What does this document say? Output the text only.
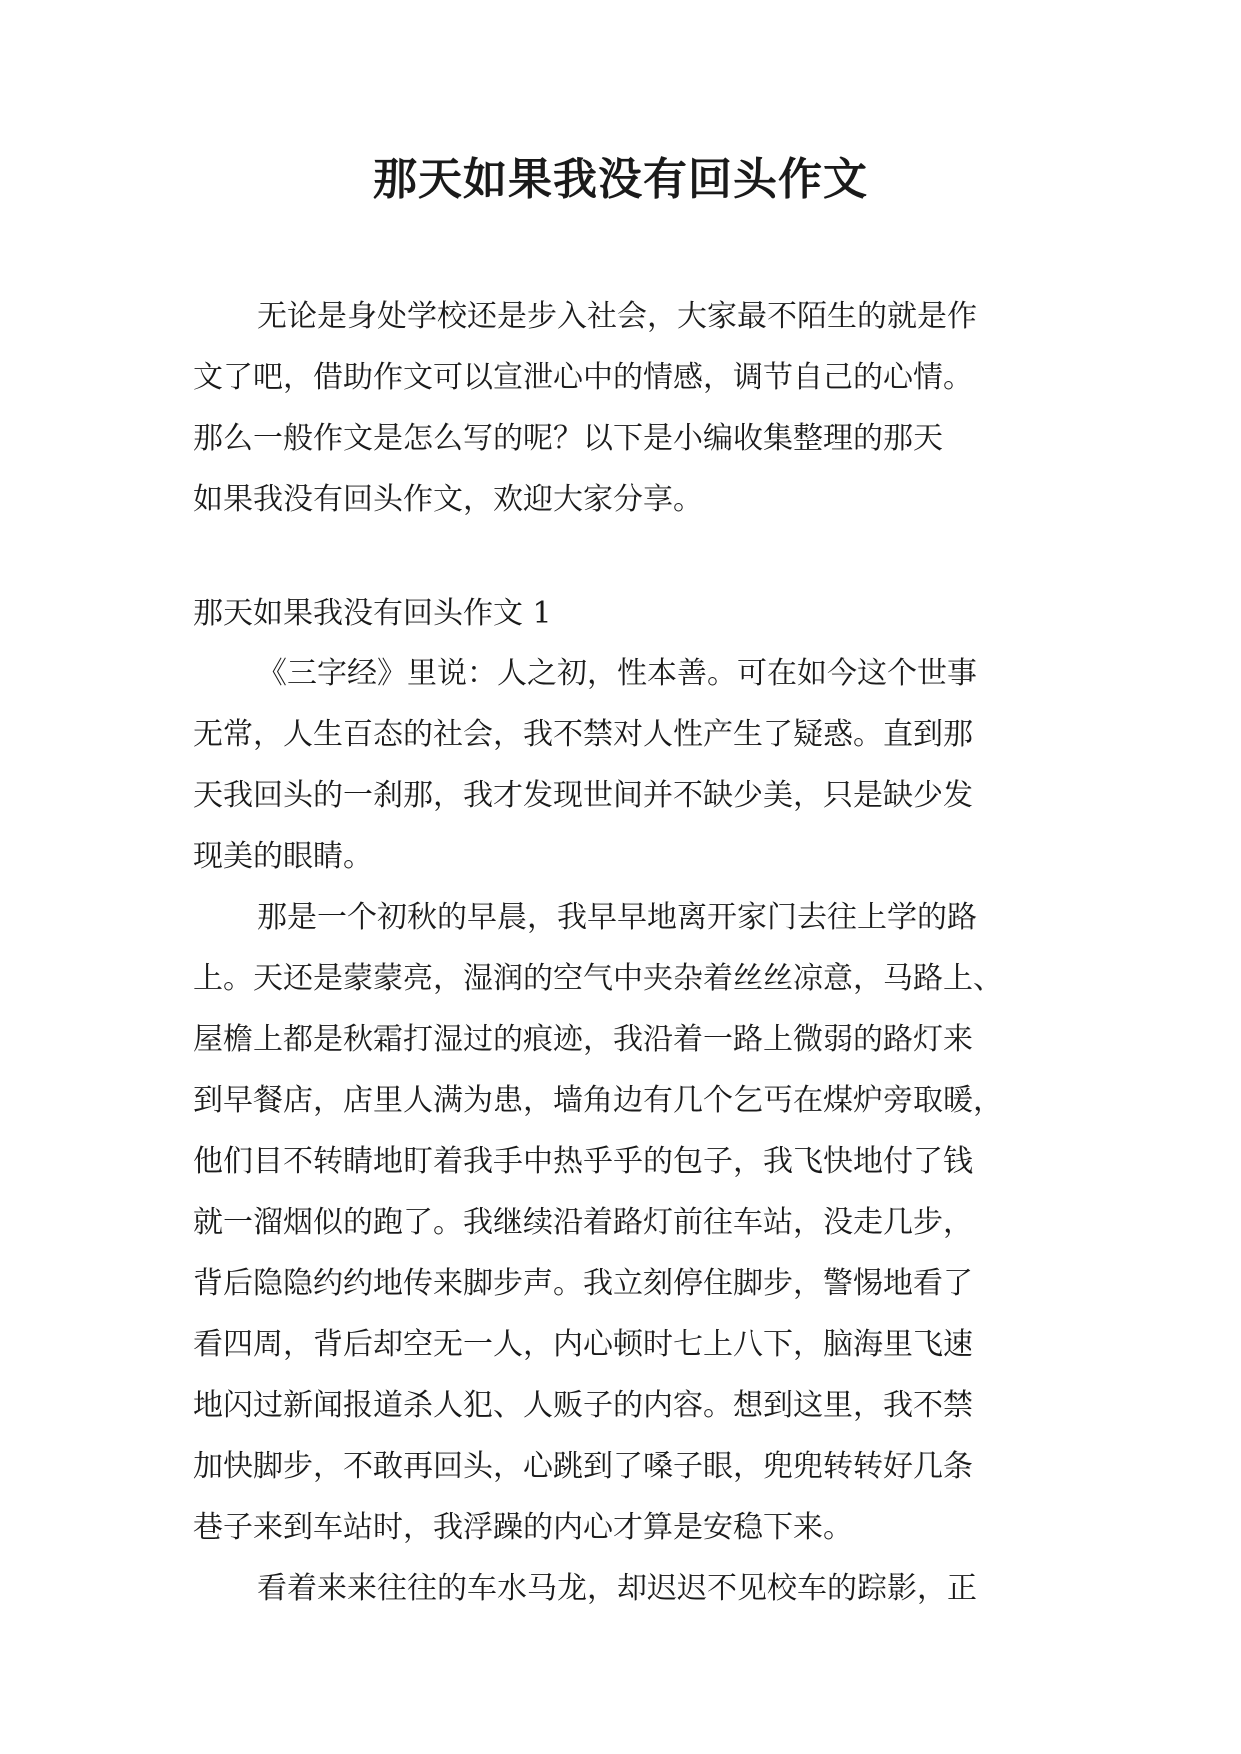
那天如果我没有回头作文
无论是身处学校还是步入社会，大家最不陌生的就是作
文了吧，借助作文可以宣泄心中的情感，调节自己的心情。
那么一般作文是怎么写的呢？以下是小编收集整理的那天
如果我没有回头作文，欢迎大家分享。
那天如果我没有回头作文 1
《三字经》里说：人之初，性本善。可在如今这个世事
无常，人生百态的社会，我不禁对人性产生了疑惑。直到那
天我回头的一刹那，我才发现世间并不缺少美，只是缺少发
现美的眼睛。
那是一个初秋的早晨，我早早地离开家门去往上学的路
上。天还是蒙蒙亮，湿润的空气中夹杂着丝丝凉意，马路上、
屋檐上都是秋霜打湿过的痕迹，我沿着一路上微弱的路灯来
到早餐店，店里人满为患，墙角边有几个乞丐在煤炉旁取暖，
他们目不转睛地盯着我手中热乎乎的包子，我飞快地付了钱
就一溜烟似的跑了。我继续沿着路灯前往车站，没走几步，
背后隐隐约约地传来脚步声。我立刻停住脚步，警惕地看了
看四周，背后却空无一人，内心顿时七上八下，脑海里飞速
地闪过新闻报道杀人犯、人贩子的内容。想到这里，我不禁
加快脚步，不敢再回头，心跳到了嗓子眼，兜兜转转好几条
巷子来到车站时，我浮躁的内心才算是安稳下来。
看着来来往往的车水马龙，却迟迟不见校车的踪影，正
